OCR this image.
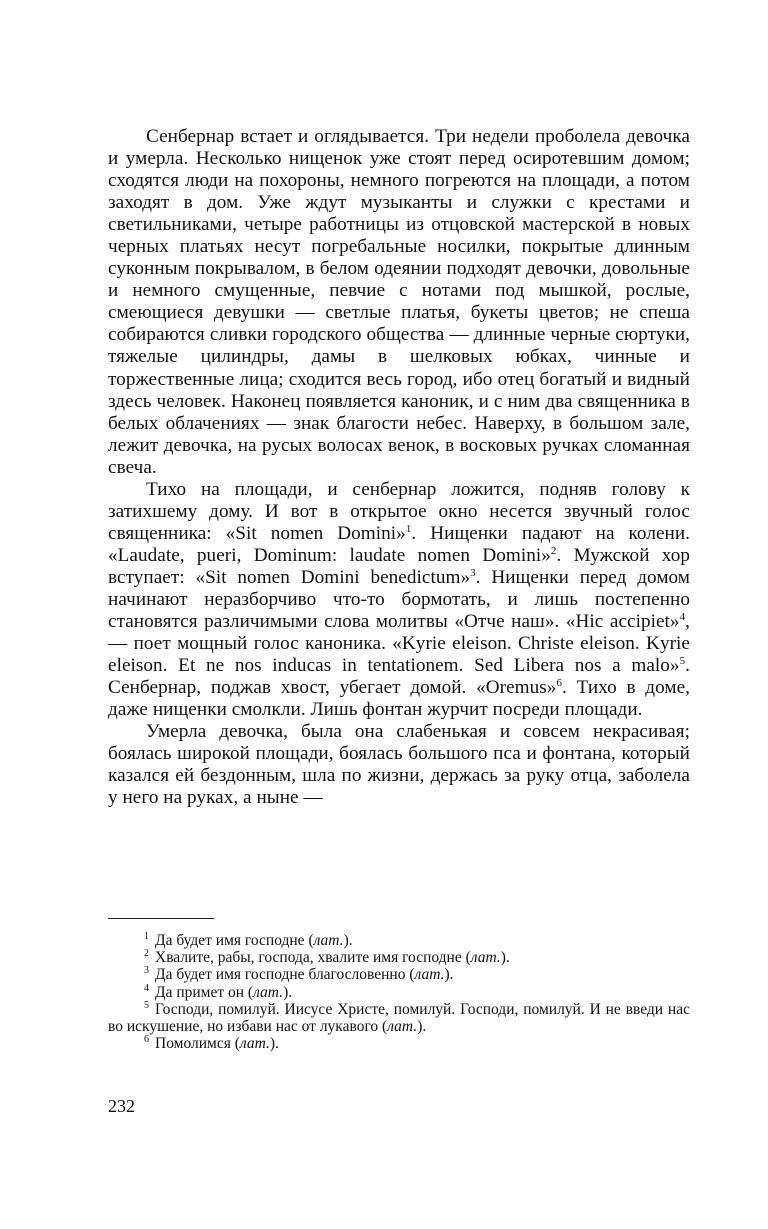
Сенбернар встает и оглядывается. Три недели проболела девочка и умерла. Несколько нищенок уже стоят перед осиротевшим домом; сходятся люди на похороны, немного погреются на площади, а потом заходят в дом. Уже ждут музыканты и служки с крестами и светильниками, четыре работницы из отцовской мастерской в новых черных платьях несут погребальные носилки, покрытые длинным суконным покрывалом, в белом одеянии подходят девочки, довольные и немного смущенные, певчие с нотами под мышкой, рослые, смеющиеся девушки — светлые платья, букеты цветов; не спеша собираются сливки городского общества — длинные черные сюртуки, тяжелые цилиндры, дамы в шелковых юбках, чинные и торжественные лица; сходится весь город, ибо отец богатый и видный здесь человек. Наконец появляется каноник, и с ним два священника в белых облачениях — знак благости небес. Наверху, в большом зале, лежит девочка, на русых волосах венок, в восковых ручках сломанная свеча.

Тихо на площади, и сенбернар ложится, подняв голову к затихшему дому. И вот в открытое окно несется звучный голос священника: «Sit nomen Domini»$^1$. Нищенки падают на колени. «Laudate, pueri, Dominum: laudate nomen Domini»$^2$. Мужской хор вступает: «Sit nomen Domini benedictum»$^3$. Нищенки перед домом начинают неразборчиво что-то бормотать, и лишь постепенно становятся различимыми слова молитвы «Отче наш». «Hic accipiet»$^4$, — поет мощный голос каноника. «Kyrie eleison. Christe eleison. Kyrie eleison. Et ne nos inducas in tentationem. Sed Libera nos a malo»$^5$. Сенбернар, поджав хвост, убегает домой. «Oremus»$^6$. Тихо в доме, даже нищенки смолкли. Лишь фонтан журчит посреди площади.

Умерла девочка, была она слабенькая и совсем некрасивая; боялась широкой площади, боялась большого пса и фонтана, который казался ей бездонным, шла по жизни, держась за руку отца, заболела у него на руках, а ныне —

$^1$ Да будет имя господне (лат.).

$^2$ Хвалите, рабы, господа, хвалите имя господне (лат.).

$^3$ Да будет имя господне благословенно (лат.).

$^4$ Да примет он (лат.).

$^5$ Господи, помилуй. Иисусе Христе, помилуй. Господи, помилуй. И не введи нас во искушение, но избави нас от лукавого (лат.).

$^6$ Помолимся (лат.).

232
